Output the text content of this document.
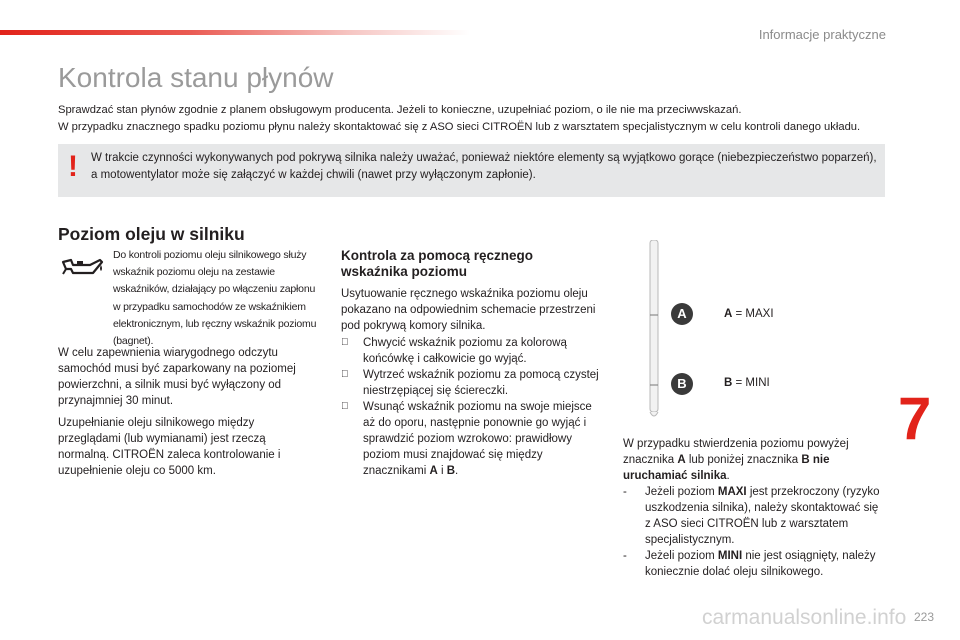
Informacje praktyczne
Kontrola stanu płynów

Sprawdzać stan płynów zgodnie z planem obsługowym producenta. Jeżeli to konieczne, uzupełniać poziom, o ile nie ma przeciwwskazań.

W przypadku znacznego spadku poziomu płynu należy skontaktować się z ASO sieci CITROËN lub z warsztatem specjalistycznym w celu kontroli danego układu.

! W trakcie czynności wykonywanych pod pokrywą silnika należy uważać, ponieważ niektóre elementy są wyjątkowo gorące (niebezpieczeństwo poparzeń), a motowentylator może się załączyć w każdej chwili (nawet przy wyłączonym zapłonie).
Poziom oleju w silniku
Do kontroli poziomu oleju silnikowego służy wskaźnik poziomu oleju na zestawie wskaźników, działający po włączeniu zapłonu w przypadku samochodów ze wskaźnikiem elektronicznym, lub ręczny wskaźnik poziomu (bagnet).

W celu zapewnienia wiarygodnego odczytu samochód musi być zaparkowany na poziomej powierzchni, a silnik musi być wyłączony od przynajmniej 30 minut.

Uzupełnianie oleju silnikowego między przeglądami (lub wymianami) jest rzeczą normalną. CITROËN zaleca kontrolowanie i uzupełnienie oleju co 5000 km.

Kontrola za pomocą ręcznego wskaźnika poziomu

Usytuowanie ręcznego wskaźnika poziomu oleju pokazano na odpowiednim schemacie przestrzeni pod pokrywą komory silnika.

Chwycić wskaźnik poziomu za kolorową końcówkę i całkowicie go wyjąć.
Wytrzeć wskaźnik poziomu za pomocą czystej niestrzępiącej się ściereczki.
Wsunąć wskaźnik poziomu na swoje miejsce aż do oporu, następnie ponownie go wyjąć i sprawdzić poziom wzrokowo: prawidłowy poziom musi znajdować się między znacznikami A i B.
A
B
A = MAXI
B = MINI
7

W przypadku stwierdzenia poziomu powyżej znacznika A lub poniżej znacznika B nie uruchamiać silnika.

- Jeżeli poziom MAXI jest przekroczony (ryzyko uszkodzenia silnika), należy skontaktować się z ASO sieci CITROËN lub z warsztatem specjalistycznym.
- Jeżeli poziom MINI nie jest osiągnięty, należy koniecznie dolać oleju silnikowego.
carmanualsonline.info 223
